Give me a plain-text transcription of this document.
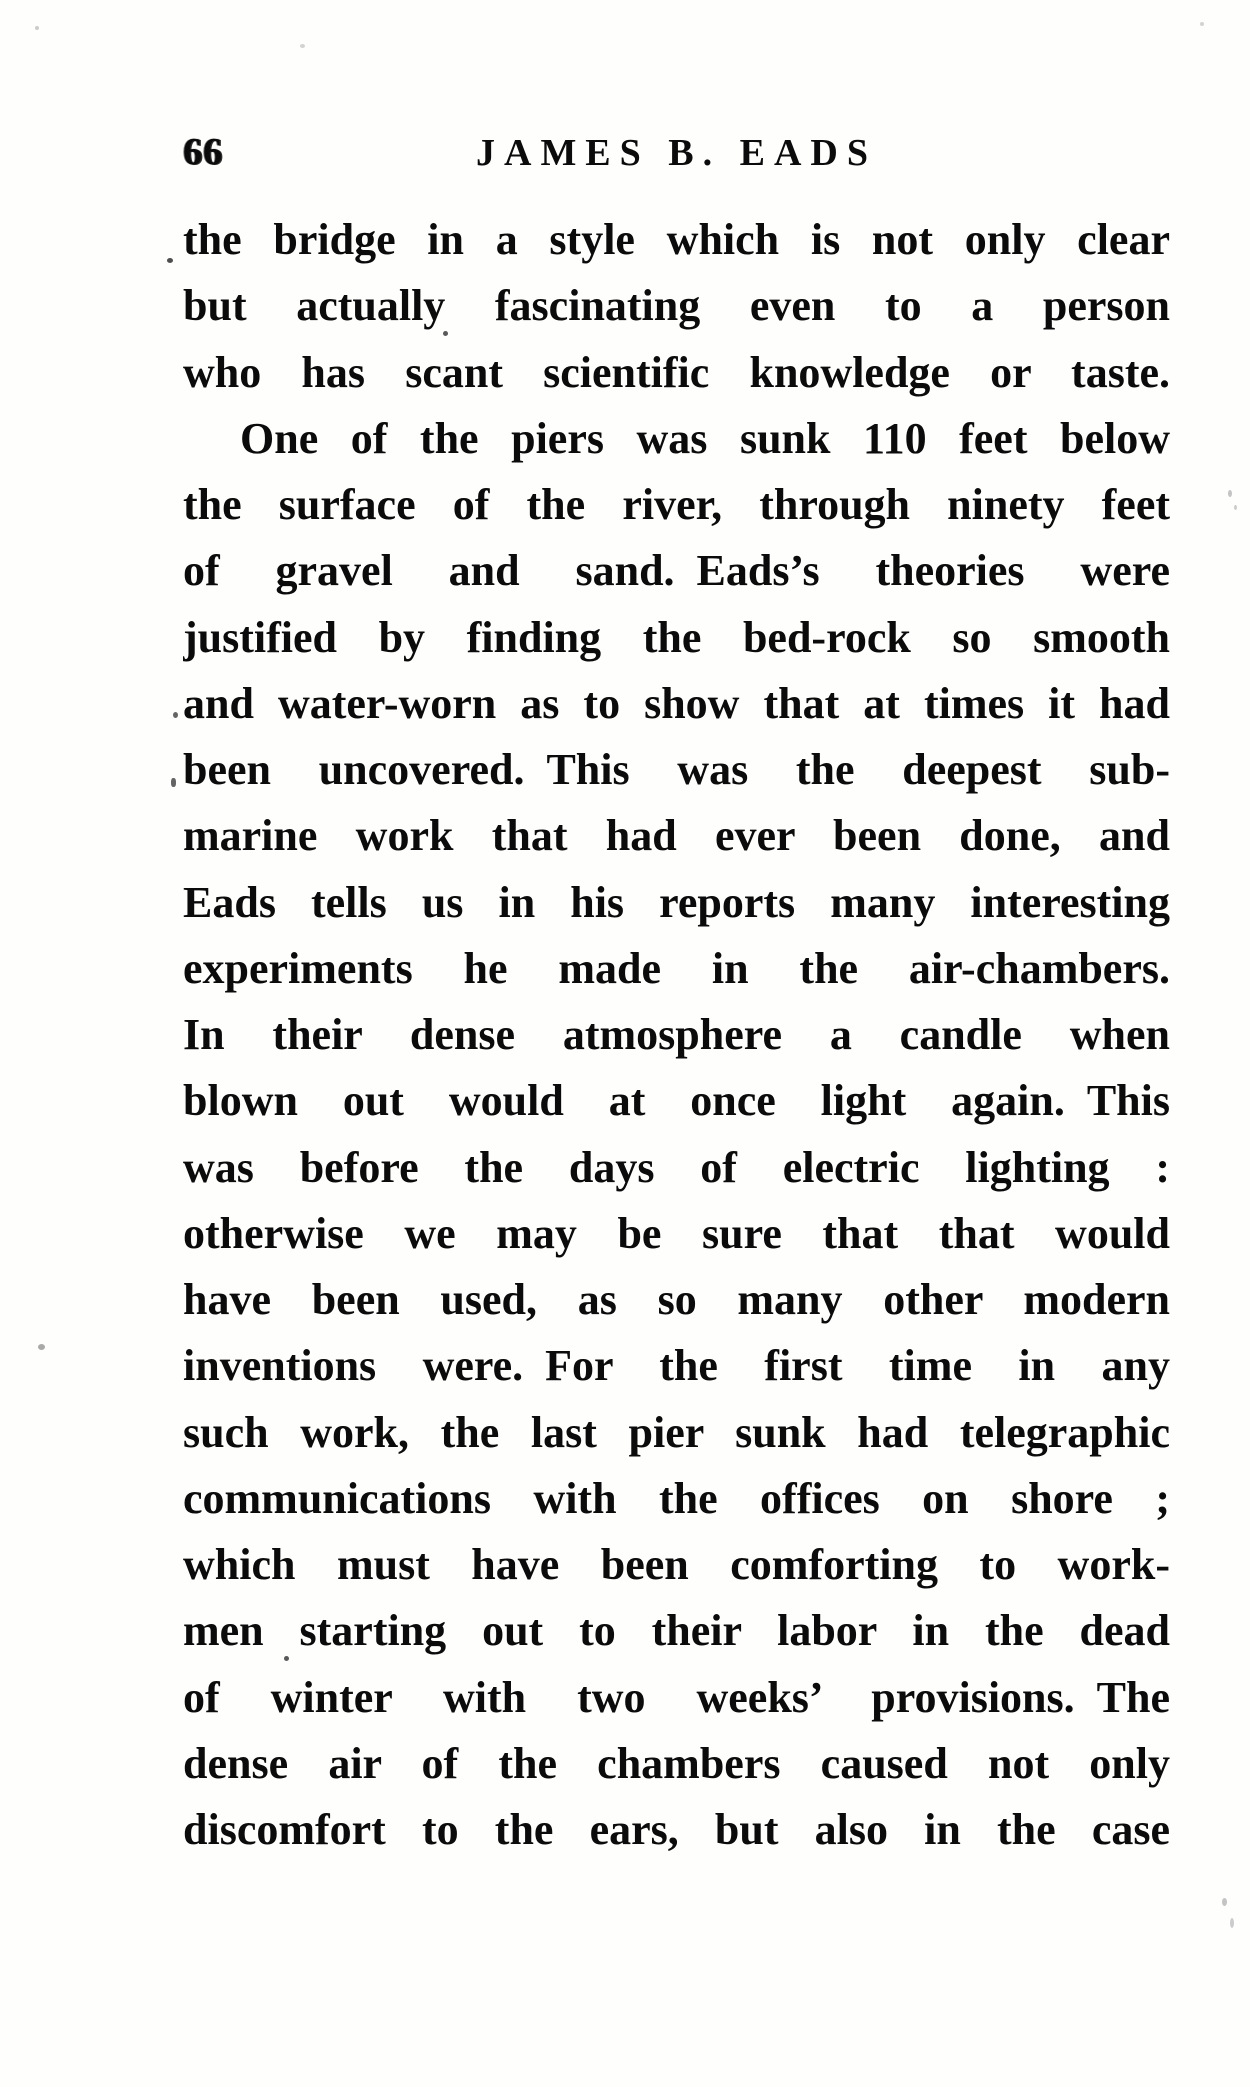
66	JAMES B. EADS
the bridge in a style which is not only clear
but actually fascinating even to a person
who has scant scientific knowledge or taste.
One of the piers was sunk 110 feet below
the surface of the river, through ninety feet
of gravel and sand. Eads’s theories were
justified by finding the bed-rock so smooth
and water-worn as to show that at times it had
been uncovered. This was the deepest sub-
marine work that had ever been done, and
Eads tells us in his reports many interesting
experiments he made in the air-chambers.
In their dense atmosphere a candle when
blown out would at once light again. This
was before the days of electric lighting :
otherwise we may be sure that that would
have been used, as so many other modern
inventions were. For the first time in any
such work, the last pier sunk had telegraphic
communications with the offices on shore ;
which must have been comforting to work-
men starting out to their labor in the dead
of winter with two weeks’ provisions. The
dense air of the chambers caused not only
discomfort to the ears, but also in the case
